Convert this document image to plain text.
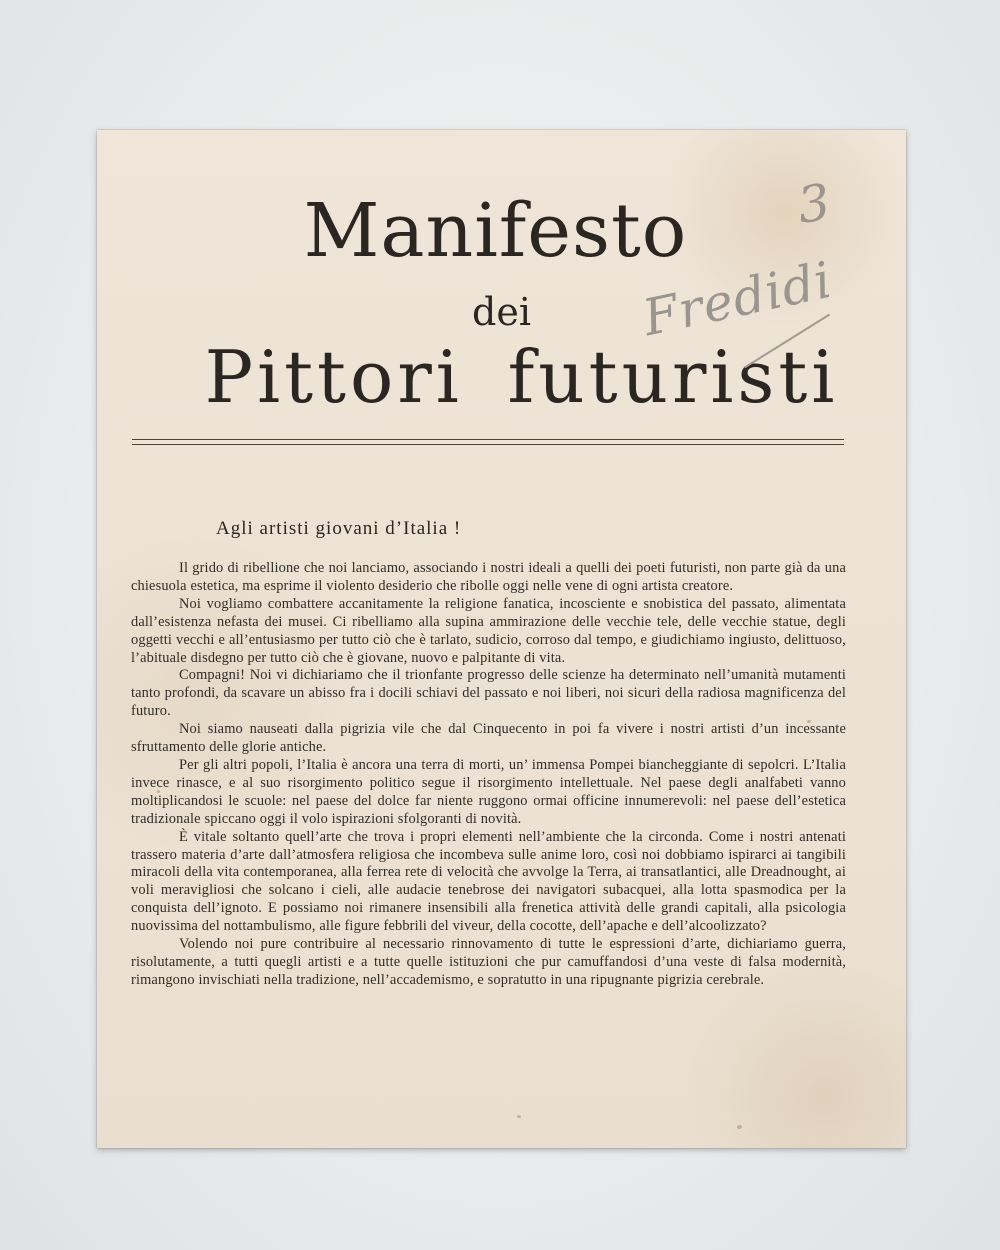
Manifesto
dei
Pittori futuristi
3
Fredidi
Agli artisti giovani d’Italia !

Il grido di ribellione che noi lanciamo, associando i nostri ideali a quelli dei poeti futuristi, non parte già da una chiesuola estetica, ma esprime il violento desiderio che ribolle oggi nelle vene di ogni artista creatore.

Noi vogliamo combattere accanitamente la religione fanatica, incosciente e snobistica del passato, alimentata dall’esistenza nefasta dei musei. Ci ribelliamo alla supina ammirazione delle vecchie tele, delle vecchie statue, degli oggetti vecchi e all’entusiasmo per tutto ciò che è tarlato, sudicio, corroso dal tempo, e giudichiamo ingiusto, delittuoso, l’abituale disdegno per tutto ciò che è giovane, nuovo e palpitante di vita.

Compagni! Noi vi dichiariamo che il trionfante progresso delle scienze ha determinato nell’umanità mutamenti tanto profondi, da scavare un abisso fra i docili schiavi del passato e noi liberi, noi sicuri della radiosa magnificenza del futuro.

Noi siamo nauseati dalla pigrizia vile che dal Cinquecento in poi fa vivere i nostri artisti d’un incessante sfruttamento delle glorie antiche.

Per gli altri popoli, l’Italia è ancora una terra di morti, un’ immensa Pompei biancheggiante di sepolcri. L’Italia invece rinasce, e al suo risorgimento politico segue il risorgimento intellettuale. Nel paese degli analfabeti vanno moltiplicandosi le scuole: nel paese del dolce far niente ruggono ormai officine innumerevoli: nel paese dell’estetica tradizionale spiccano oggi il volo ispirazioni sfolgoranti di novità.

È vitale soltanto quell’arte che trova i propri elementi nell’ambiente che la circonda. Come i nostri antenati trassero materia d’arte dall’atmosfera religiosa che incombeva sulle anime loro, così noi dobbiamo ispirarci ai tangibili miracoli della vita contemporanea, alla ferrea rete di velocità che avvolge la Terra, ai transatlantici, alle Dreadnought, ai voli meravigliosi che solcano i cieli, alle audacie tenebrose dei navigatori subacquei, alla lotta spasmodica per la conquista dell’ignoto. E possiamo noi rimanere insensibili alla frenetica attività delle grandi capitali, alla psicologia nuovissima del nottambulismo, alle figure febbrili del viveur, della cocotte, dell’apache e dell’alcoolizzato?

Volendo noi pure contribuire al necessario rinnovamento di tutte le espressioni d’arte, dichiariamo guerra, risolutamente, a tutti quegli artisti e a tutte quelle istituzioni che pur camuffandosi d’una veste di falsa modernità, rimangono invischiati nella tradizione, nell’accademismo, e sopratutto in una ripugnante pigrizia cerebrale.
